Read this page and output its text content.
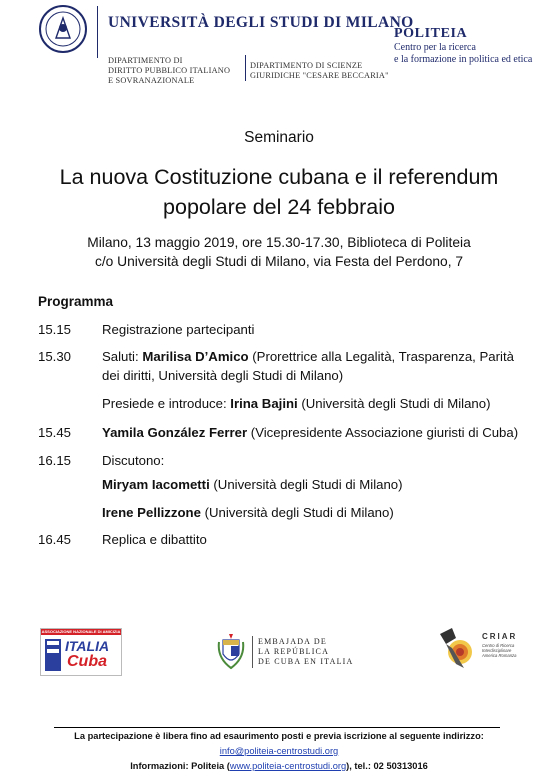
UNIVERSITÀ DEGLI STUDI DI MILANO
DIPARTIMENTO DI
DIRITTO PUBBLICO ITALIANO
E SOVRANAZIONALE
DIPARTIMENTO DI SCIENZE
GIURIDICHE "CESARE BECCARIA"
POLITEIA
Centro per la ricerca
e la formazione in politica ed etica
Seminario
La nuova Costituzione cubana e il referendum
popolare del 24 febbraio
Milano, 13 maggio 2019, ore 15.30-17.30, Biblioteca di Politeia
c/o Università degli Studi di Milano, via Festa del Perdono, 7
Programma
15.15 Registrazione partecipanti
15.30 Saluti: Marilisa D’Amico (Prorettrice alla Legalità, Trasparenza, Parità dei diritti, Università degli Studi di Milano)
Presiede e introduce: Irina Bajini (Università degli Studi di Milano)
15.45 Yamila González Ferrer (Vicepresidente Associazione giuristi di Cuba)
16.15 Discutono:
Miryam Iacometti (Università degli Studi di Milano)
Irene Pellizzone (Università degli Studi di Milano)
16.45 Replica e dibattito
ASSOCIAZIONE NAZIONALE DI AMICIZIA
ITALIA
Cuba
EMBAJADA DE
LA REPÚBLICA
DE CUBA EN ITALIA
CRIAR
Centro di Ricerca
Interdisciplinare
America Romanza
La partecipazione è libera fino ad esaurimento posti e previa iscrizione al seguente indirizzo:
info@politeia-centrostudi.org
Informazioni: Politeia (www.politeia-centrostudi.org), tel.: 02 50313016
